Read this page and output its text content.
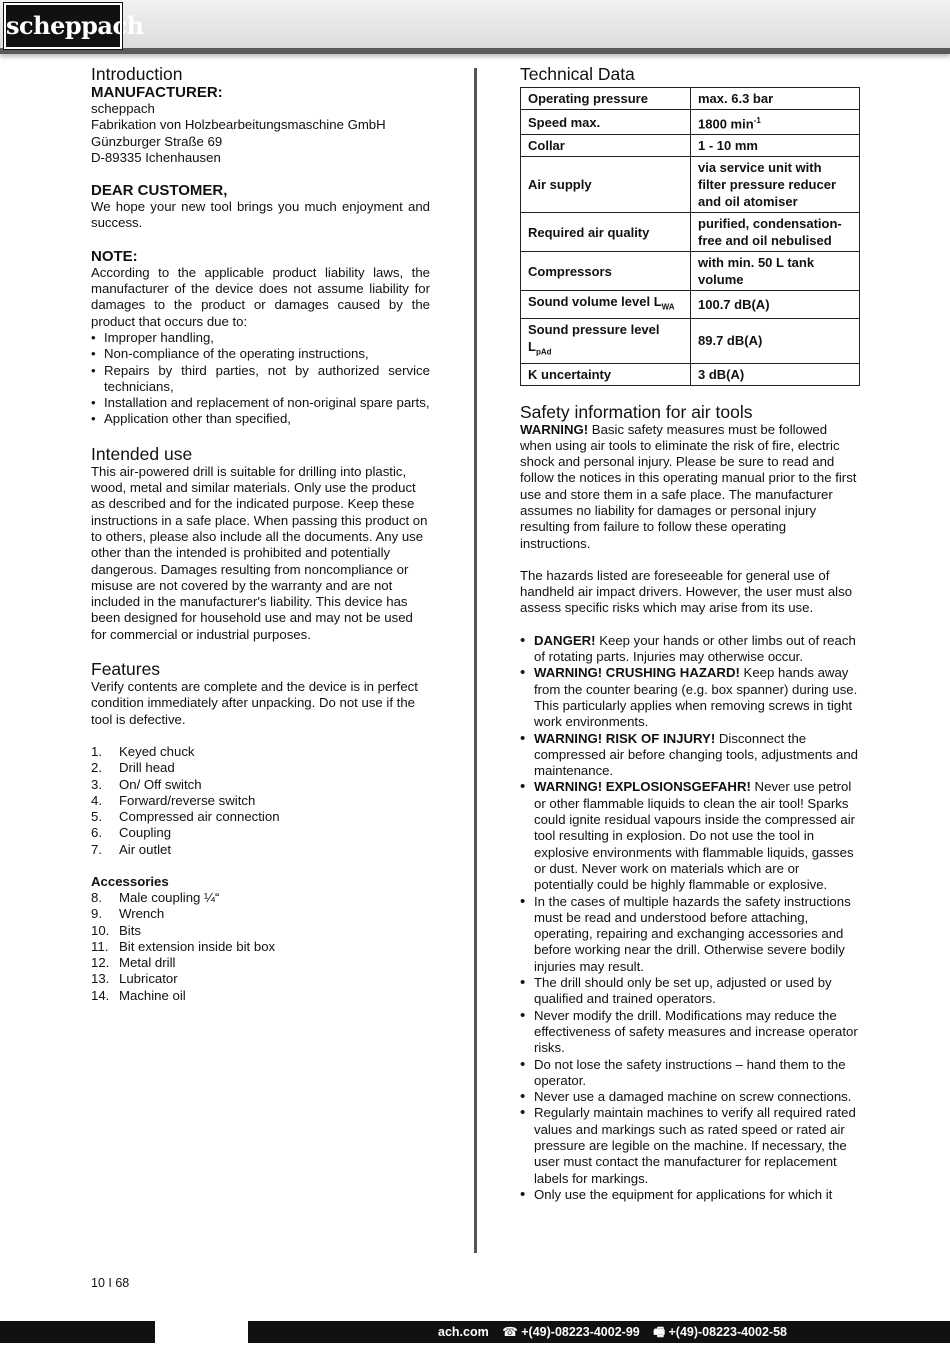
scheppach
Introduction
MANUFACTURER:

scheppach

Fabrikation von Holzbearbeitungsmaschine GmbH

Günzburger Straße 69

D-89335 Ichenhausen

DEAR CUSTOMER,

We hope your new tool brings you much enjoyment and success.

NOTE:

According to the applicable product liability laws, the manufacturer of the device does not assume liability for damages to the product or damages caused by the product that occurs due to:

• Improper handling,
• Non-compliance of the operating instructions,
• Repairs by third parties, not by authorized service technicians,
• Installation and replacement of non-original spare parts,
• Application other than specified,
Intended use

This air-powered drill is suitable for drilling into plastic, wood, metal and similar materials. Only use the product as described and for the indicated purpose. Keep these instructions in a safe place. When passing this product on to others, please also include all the documents. Any use other than the intended is prohibited and potentially dangerous. Damages resulting from noncompliance or misuse are not covered by the warranty and are not included in the manufacturer's liability. This device has been designed for household use and may not be used for commercial or industrial purposes.

Features

Verify contents are complete and the device is in perfect condition immediately after unpacking. Do not use if the tool is defective.

1.	Keyed chuck
2.	Drill head
3.	On/ Off switch
4.	Forward/reverse switch
5.	Compressed air connection
6.	Coupling
7.	Air outlet
Accessories
8.	Male coupling ¼“
9.	Wrench
10. Bits
11. Bit extension inside bit box
12. Metal drill
13. Lubricator
14. Machine oil
Technical Data
Operating pressure	max. 6.3 bar
Speed max.	1800 $\min^{-1}$
Collar	1 - 10 mm
Air supply	via service unit with filter pressure reducer and oil atomiser
Required air quality	purified, condensation-free and oil nebulised
Compressors	with min. 50 L tank volume
Sound volume level $L_{WA}$	100.7 dB(A)
Sound pressure level $L_{pAd}$	89.7 dB(A)
K uncertainty	3 dB(A)
Safety information for air tools

WARNING! Basic safety measures must be followed when using air tools to eliminate the risk of fire, electric shock and personal injury. Please be sure to read and follow the notices in this operating manual prior to the first use and store them in a safe place. The manufacturer assumes no liability for damages or personal injury resulting from failure to follow these operating instructions.

The hazards listed are foreseeable for general use of handheld air impact drivers. However, the user must also assess specific risks which may arise from its use.

• DANGER! Keep your hands or other limbs out of reach of rotating parts. Injuries may otherwise occur.
• WARNING! CRUSHING HAZARD! Keep hands away from the counter bearing (e.g. box spanner) during use. This particularly applies when removing screws in tight work environments.
• WARNING! RISK OF INJURY! Disconnect the compressed air before changing tools, adjustments and maintenance.
• WARNING! EXPLOSIONSGEFAHR! Never use petrol or other flammable liquids to clean the air tool! Sparks could ignite residual vapours inside the compressed air tool resulting in explosion. Do not use the tool in explosive environments with flammable liquids, gasses or dust. Never work on materials which are or potentially could be highly flammable or explosive.
• In the cases of multiple hazards the safety instructions must be read and understood before attaching, operating, repairing and exchanging accessories and before working near the drill. Otherwise severe bodily injuries may result.
• The drill should only be set up, adjusted or used by qualified and trained operators.
• Never modify the drill. Modifications may reduce the effectiveness of safety measures and increase operator risks.
• Do not lose the safety instructions – hand them to the operator.
• Never use a damaged machine on screw connections.
• Regularly maintain machines to verify all required rated values and markings such as rated speed or rated air pressure are legible on the machine. If necessary, the user must contact the manufacturer for replacement labels for markings.
• Only use the equipment for applications for which it
10 I 68
ach.com ☎ +(49)-08223-4002-99 🖷 +(49)-08223-4002-58
